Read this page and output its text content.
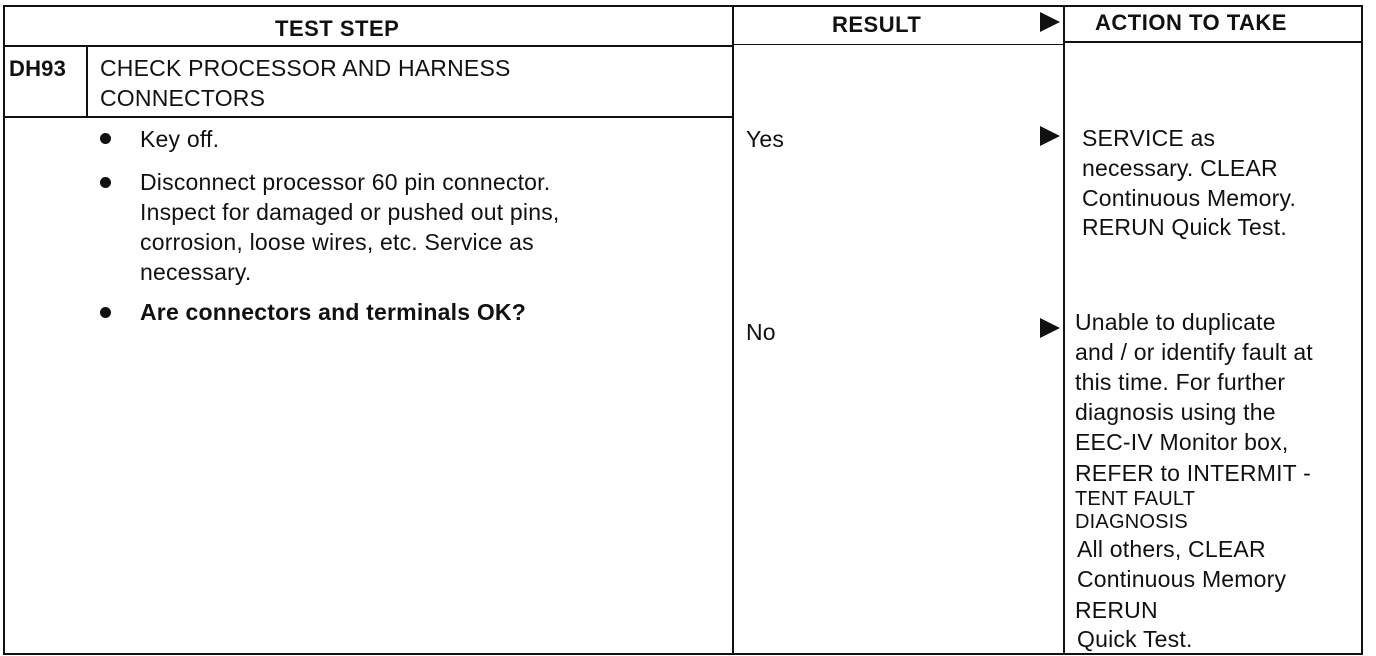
TEST STEP	RESULT	ACTION TO TAKE
DH93 CHECK PROCESSOR AND HARNESS
CONNECTORS
Key off.
Disconnect processor 60 pin connector.
Inspect for damaged or pushed out pins,
corrosion, loose wires, etc. Service as
necessary.
Are connectors and terminals OK?
Yes
No
SERVICE as
necessary. CLEAR
Continuous Memory.
RERUN Quick Test.
Unable to duplicate
and / or identify fault at
this time. For further
diagnosis using the
EEC-IV Monitor box,
REFER to INTERMIT -
TENT FAULT
DIAGNOSIS
All others, CLEAR
Continuous Memory
RERUN
Quick Test.
